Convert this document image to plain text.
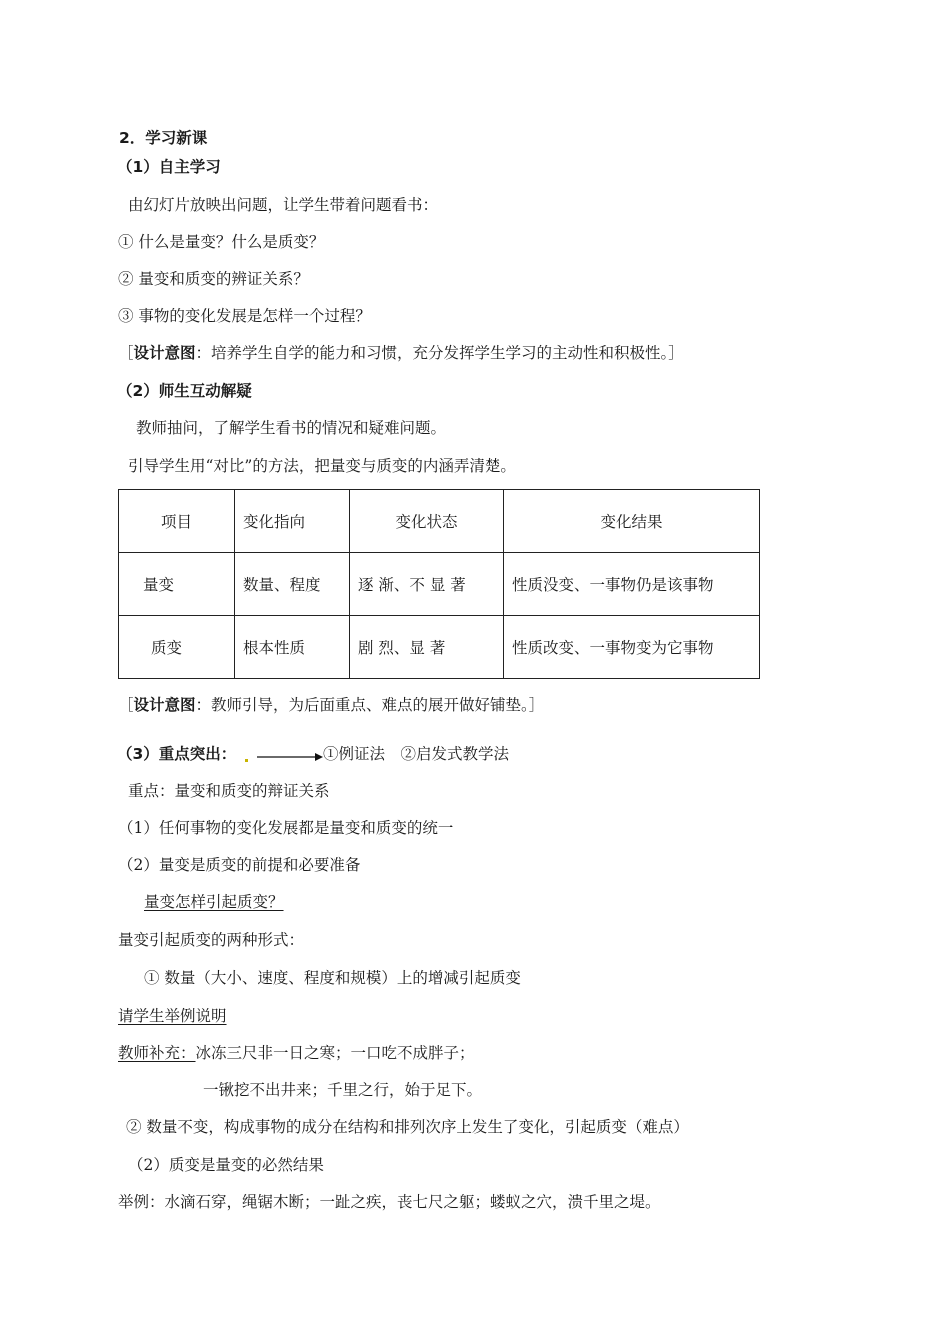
2．学习新课
（1）自主学习
由幻灯片放映出问题，让学生带着问题看书：
① 什么是量变？什么是质变？
② 量变和质变的辨证关系？
③ 事物的变化发展是怎样一个过程？
［设计意图：培养学生自学的能力和习惯，充分发挥学生学习的主动性和积极性。］
（2）师生互动解疑
教师抽问，了解学生看书的情况和疑难问题。
引导学生用“对比”的方法，把量变与质变的内涵弄清楚。
项目	变化指向	变化状态	变化结果
量变	数量、程度	逐 渐、不 显 著	性质没变、一事物仍是该事物
质变	根本性质	剧 烈、显 著	性质改变、一事物变为它事物
［设计意图：教师引导，为后面重点、难点的展开做好铺垫。］
（3）重点突出：	①例证法　②启发式教学法
重点：量变和质变的辩证关系
（1）任何事物的变化发展都是量变和质变的统一
（2）量变是质变的前提和必要准备
量变怎样引起质变？
量变引起质变的两种形式：
① 数量（大小、速度、程度和规模）上的增减引起质变
请学生举例说明
教师补充：冰冻三尺非一日之寒；一口吃不成胖子；
一锹挖不出井来；千里之行，始于足下。
② 数量不变，构成事物的成分在结构和排列次序上发生了变化，引起质变（难点）
（2）质变是量变的必然结果
举例：水滴石穿，绳锯木断；一趾之疾，丧七尺之躯；蝼蚁之穴，溃千里之堤。
